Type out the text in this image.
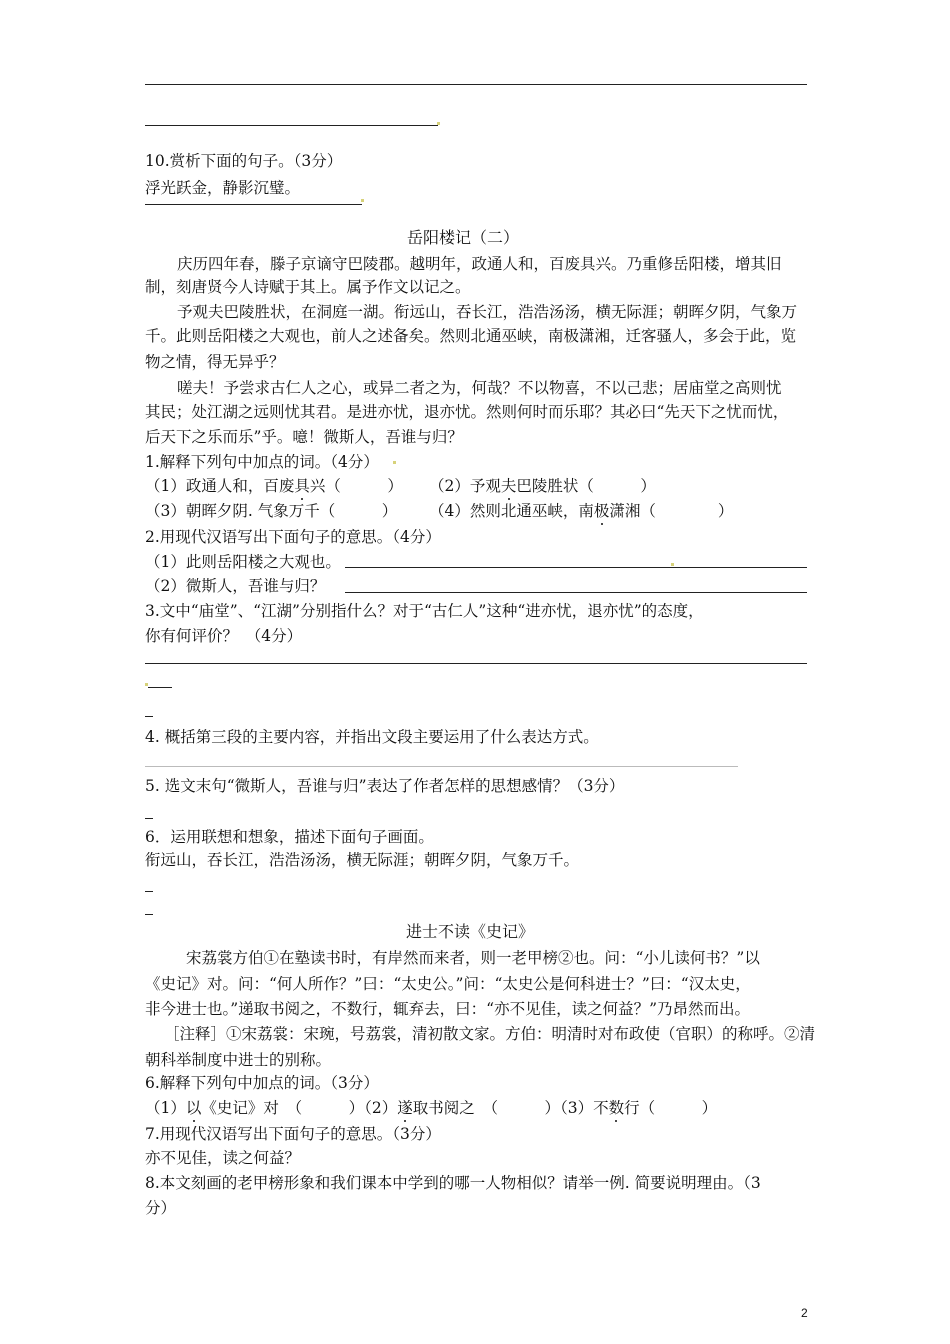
10.赏析下面的句子。（3分）
浮光跃金，静影沉璧。
岳阳楼记（二）
庆历四年春，滕子京谪守巴陵郡。越明年，政通人和，百废具兴。乃重修岳阳楼，增其旧
制，刻唐贤今人诗赋于其上。属予作文以记之。
予观夫巴陵胜状，在洞庭一湖。衔远山，吞长江，浩浩汤汤，横无际涯；朝晖夕阴，气象万
千。此则岳阳楼之大观也，前人之述备矣。然则北通巫峡，南极潇湘，迁客骚人，多会于此，览
物之情，得无异乎？
嗟夫！予尝求古仁人之心，或异二者之为，何哉？不以物喜，不以己悲；居庙堂之高则忧
其民；处江湖之远则忧其君。是进亦忧，退亦忧。然则何时而乐耶？其必曰“先天下之忧而忧，
后天下之乐而乐”乎。噫！微斯人，吾谁与归？
1.解释下列句中加点的词。（4分）
（1）政通人和，百废具兴（　　　） （2）予观夫巴陵胜状（　　　）
（3）朝晖夕阴. 气象万千（　　　） （4）然则北通巫峡，南极潇湘（　　　　）
2.用现代汉语写出下面句子的意思。（4分）
（1）此则岳阳楼之大观也。
（2）微斯人，吾谁与归？
3.文中“庙堂”、“江湖”分别指什么？对于“古仁人”这种“进亦忧，退亦忧”的态度，
你有何评价？　（4分）
4. 概括第三段的主要内容，并指出文段主要运用了什么表达方式。
5. 选文末句“微斯人，吾谁与归”表达了作者怎样的思想感情？（3分）
6．运用联想和想象，描述下面句子画面。
衔远山，吞长江，浩浩汤汤，横无际涯；朝晖夕阴，气象万千。
进士不读《史记》
宋荔裳方伯①在塾读书时，有岸然而来者，则一老甲榜②也。问：“小儿读何书？”以
《史记》对。问：“何人所作？”曰：“太史公。”问：“太史公是何科进士？”曰：“汉太史，
非今进士也。”递取书阅之，不数行，辄弃去，曰：“亦不见佳，读之何益？”乃昂然而出。
［注释］①宋荔裳：宋琬，号荔裳，清初散文家。方伯：明清时对布政使（官职）的称呼。②清
朝科举制度中进士的别称。
6.解释下列句中加点的词。（3分）
（1）以《史记》对　（　　　）（2）遂取书阅之　（　　　）（3）不数行（　　　）
7.用现代汉语写出下面句子的意思。（3分）
亦不见佳，读之何益？
8.本文刻画的老甲榜形象和我们课本中学到的哪一人物相似？请举一例. 简要说明理由。（3
分）
2
